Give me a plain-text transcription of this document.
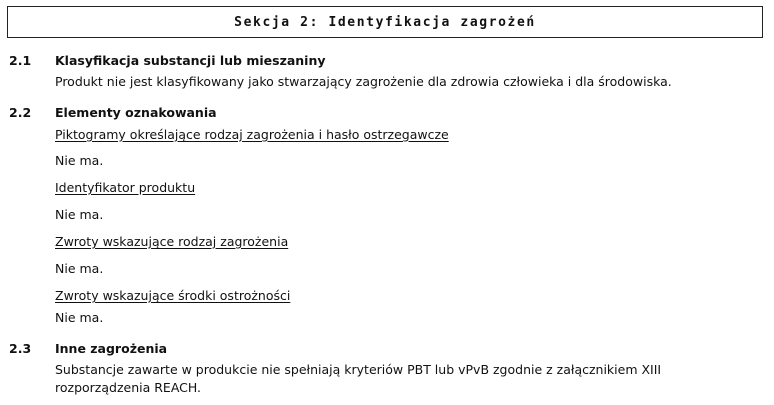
Sekcja 2: Identyfikacja zagrożeń
2.1 Klasyfikacja substancji lub mieszaniny
Produkt nie jest klasyfikowany jako stwarzający zagrożenie dla zdrowia człowieka i dla środowiska.
2.2 Elementy oznakowania
Piktogramy określające rodzaj zagrożenia i hasło ostrzegawcze
Nie ma.
Identyfikator produktu
Nie ma.
Zwroty wskazujące rodzaj zagrożenia
Nie ma.
Zwroty wskazujące środki ostrożności
Nie ma.
2.3 Inne zagrożenia
Substancje zawarte w produkcie nie spełniają kryteriów PBT lub vPvB zgodnie z załącznikiem XIII rozporządzenia REACH.
